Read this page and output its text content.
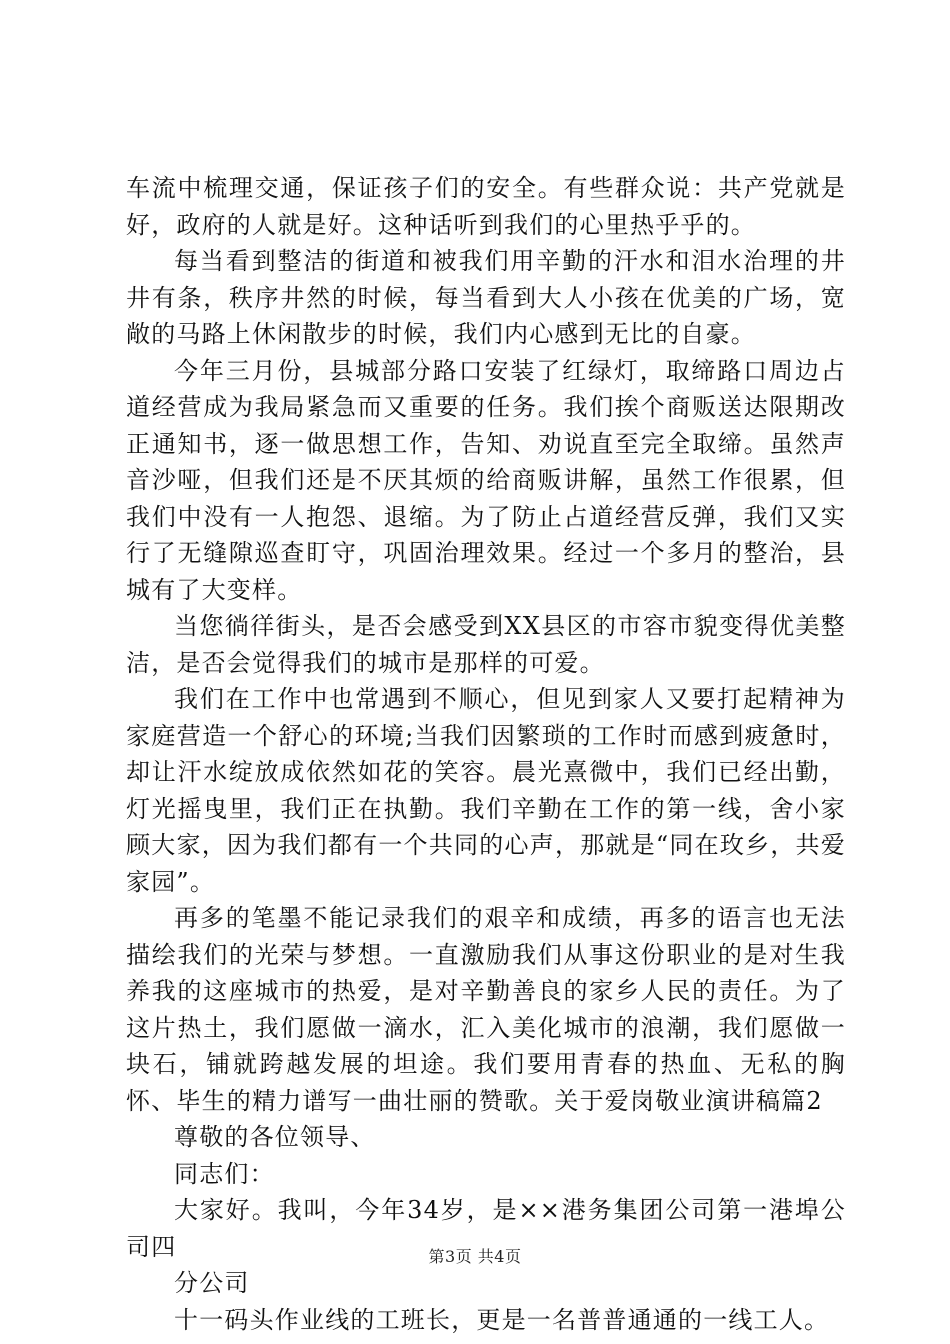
车流中梳理交通，保证孩子们的安全。有些群众说：共产党就是好，政府的人就是好。这种话听到我们的心里热乎乎的。

每当看到整洁的街道和被我们用辛勤的汗水和泪水治理的井井有条，秩序井然的时候，每当看到大人小孩在优美的广场，宽敞的马路上休闲散步的时候，我们内心感到无比的自豪。

今年三月份，县城部分路口安装了红绿灯，取缔路口周边占道经营成为我局紧急而又重要的任务。我们挨个商贩送达限期改正通知书，逐一做思想工作，告知、劝说直至完全取缔。虽然声音沙哑，但我们还是不厌其烦的给商贩讲解，虽然工作很累，但我们中没有一人抱怨、退缩。为了防止占道经营反弹，我们又实行了无缝隙巡查盯守，巩固治理效果。经过一个多月的整治，县城有了大变样。

当您徜徉街头，是否会感受到XX县区的市容市貌变得优美整洁，是否会觉得我们的城市是那样的可爱。

我们在工作中也常遇到不顺心，但见到家人又要打起精神为家庭营造一个舒心的环境;当我们因繁琐的工作时而感到疲惫时，却让汗水绽放成依然如花的笑容。晨光熹微中，我们已经出勤，灯光摇曳里，我们正在执勤。我们辛勤在工作的第一线，舍小家顾大家，因为我们都有一个共同的心声，那就是“同在玫乡，共爱家园”。

再多的笔墨不能记录我们的艰辛和成绩，再多的语言也无法描绘我们的光荣与梦想。一直激励我们从事这份职业的是对生我养我的这座城市的热爱，是对辛勤善良的家乡人民的责任。为了这片热土，我们愿做一滴水，汇入美化城市的浪潮，我们愿做一块石，铺就跨越发展的坦途。我们要用青春的热血、无私的胸怀、毕生的精力谱写一曲壮丽的赞歌。关于爱岗敬业演讲稿篇2

尊敬的各位领导、

同志们：

大家好。我叫，今年34岁，是××港务集团公司第一港埠公司四

分公司

十一码头作业线的工班长，更是一名普普通通的一线工人。

第3页 共4页
